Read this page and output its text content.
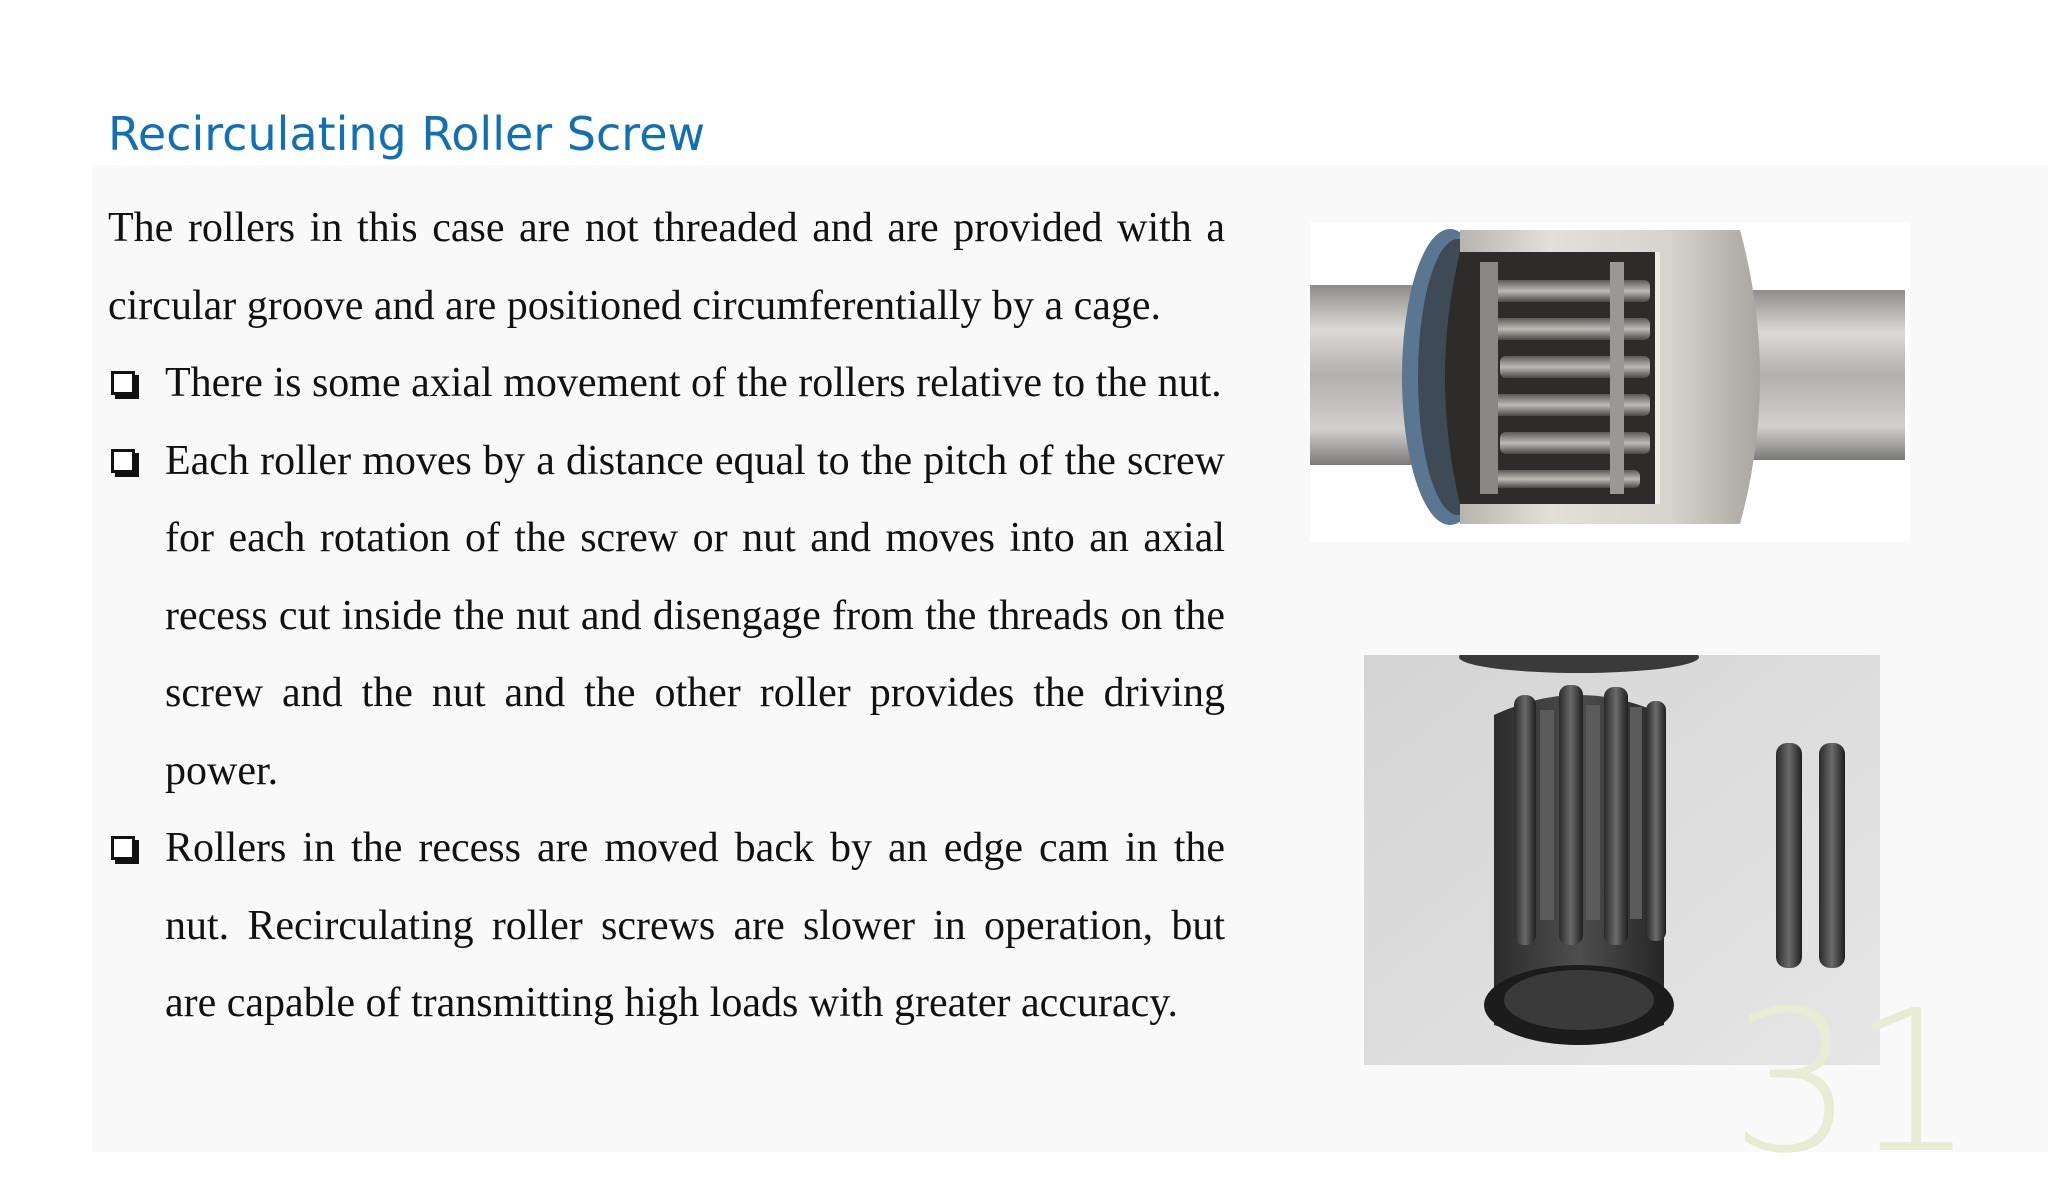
Recirculating Roller Screw

The rollers in this case are not threaded and are provided with a circular groove and are positioned circumferentially by a cage.

There is some axial movement of the rollers relative to the nut.
Each roller moves by a distance equal to the pitch of the screw for each rotation of the screw or nut and moves into an axial recess cut inside the nut and disengage from the threads on the screw and the nut and the other roller provides the driving power.
Rollers in the recess are moved back by an edge cam in the nut. Recirculating roller screws are slower in operation, but are capable of transmitting high loads with greater accuracy.	31
